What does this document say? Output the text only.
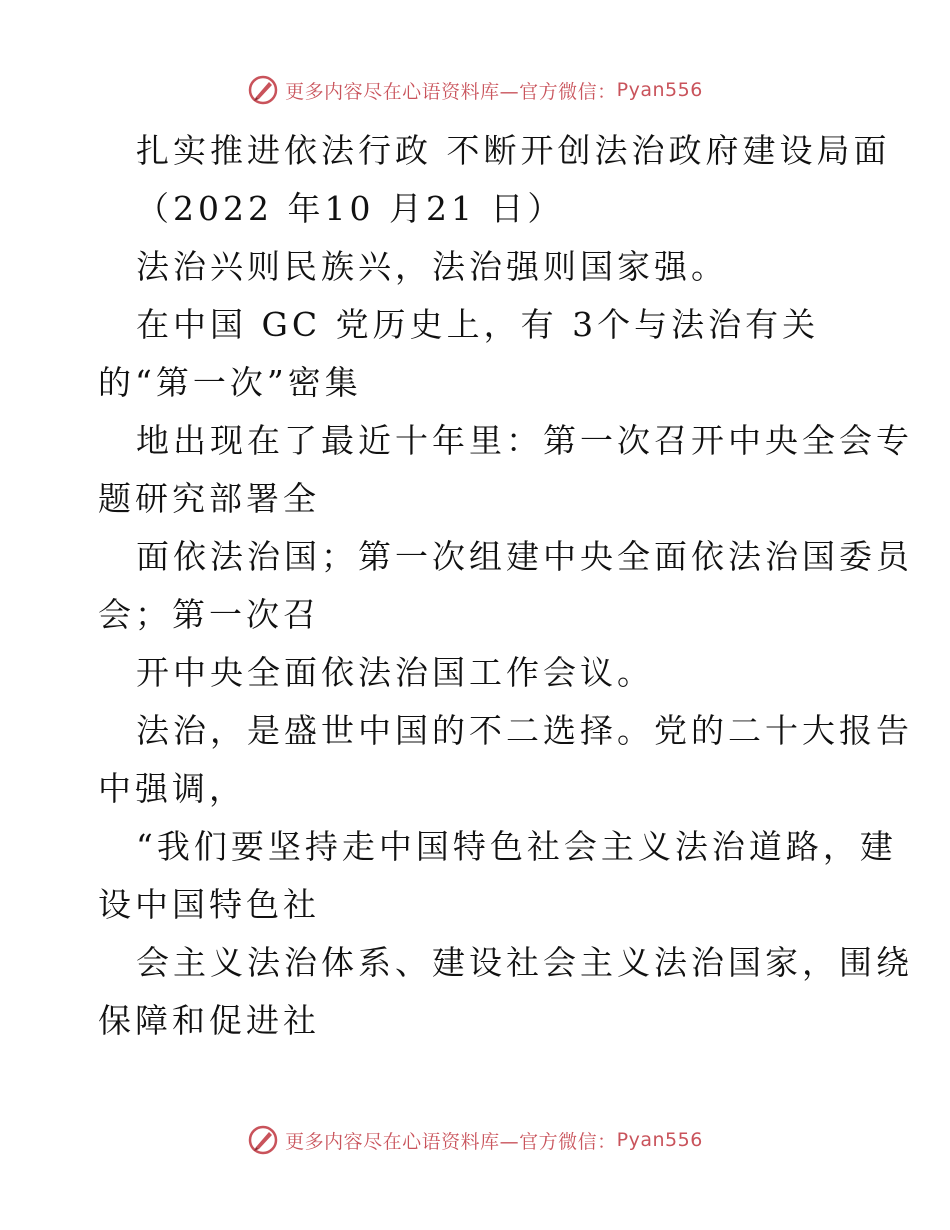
更多内容尽在心语资料库—官方微信： Pyan556

扎实推进依法行政 不断开创法治政府建设局面

（2022 年10 月21 日）

法治兴则民族兴，法治强则国家强。

在中国 GC 党历史上，有 3个与法治有关

的“第一次”密集

地出现在了最近十年里：第一次召开中央全会专

题研究部署全

面依法治国；第一次组建中央全面依法治国委员

会；第一次召

开中央全面依法治国工作会议。

法治，是盛世中国的不二选择。党的二十大报告

中强调，

“我们要坚持走中国特色社会主义法治道路，建

设中国特色社

会主义法治体系、建设社会主义法治国家，围绕

保障和促进社

更多内容尽在心语资料库—官方微信： Pyan556
